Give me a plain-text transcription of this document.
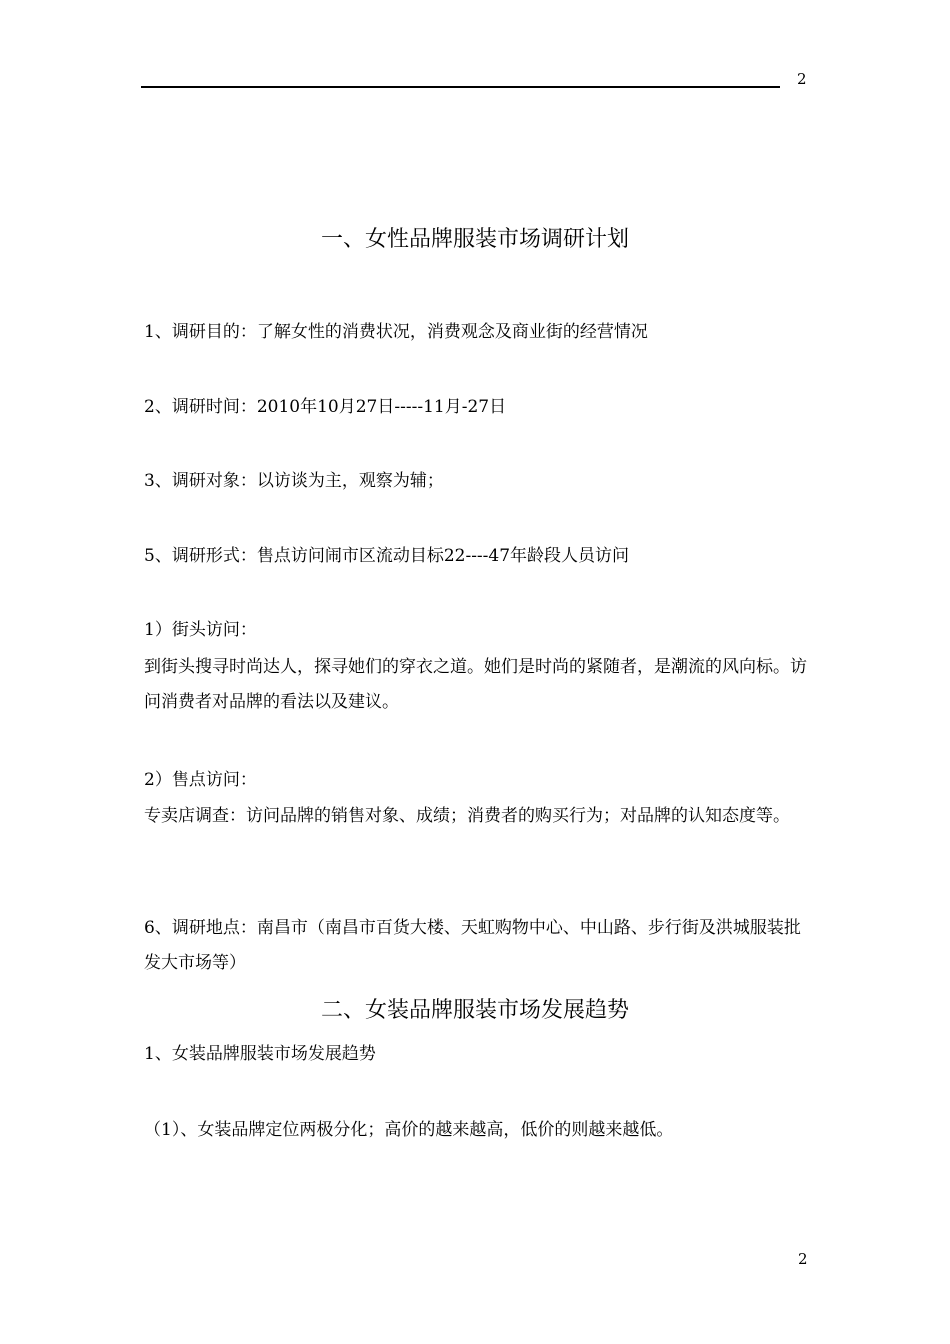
2
一、女性品牌服装市场调研计划
1、调研目的：了解女性的消费状况，消费观念及商业街的经营情况
2、调研时间：2010年10月27日-----11月-27日
3、调研对象：以访谈为主，观察为辅；
5、调研形式：售点访问闹市区流动目标22----47年龄段人员访问
1）街头访问：
到街头搜寻时尚达人，探寻她们的穿衣之道。她们是时尚的紧随者，是潮流的风向标。访问消费者对品牌的看法以及建议。
2）售点访问：
专卖店调查：访问品牌的销售对象、成绩；消费者的购买行为；对品牌的认知态度等。
6、调研地点：南昌市（南昌市百货大楼、天虹购物中心、中山路、步行街及洪城服装批发大市场等）
二、女装品牌服装市场发展趋势
1、女装品牌服装市场发展趋势
（1）、女装品牌定位两极分化；高价的越来越高，低价的则越来越低。
2
